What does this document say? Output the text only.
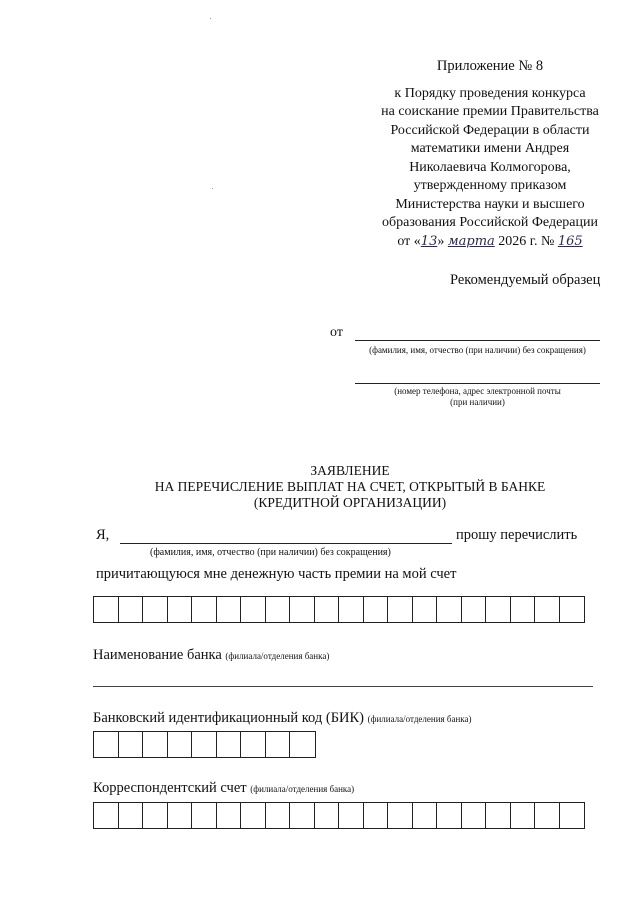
Приложение № 8
к Порядку проведения конкурса
на соискание премии Правительства
Российской Федерации в области
математики имени Андрея
Николаевича Колмогорова,
утвержденному приказом
Министерства науки и высшего
образования Российской Федерации
от «13» марта 2026 г. № 165
Рекомендуемый образец
от
(фамилия, имя, отчество (при наличии) без сокращения)
(номер телефона, адрес электронной почты
(при наличии)
ЗАЯВЛЕНИЕ
НА ПЕРЕЧИСЛЕНИЕ ВЫПЛАТ НА СЧЕТ, ОТКРЫТЫЙ В БАНКЕ
(КРЕДИТНОЙ ОРГАНИЗАЦИИ)
Я,	прошу перечислить
(фамилия, имя, отчество (при наличии) без сокращения)
причитающуюся мне денежную часть премии на мой счет
Наименование банка (филиала/отделения банка)
Банковский идентификационный код (БИК) (филиала/отделения банка)
Корреспондентский счет (филиала/отделения банка)
